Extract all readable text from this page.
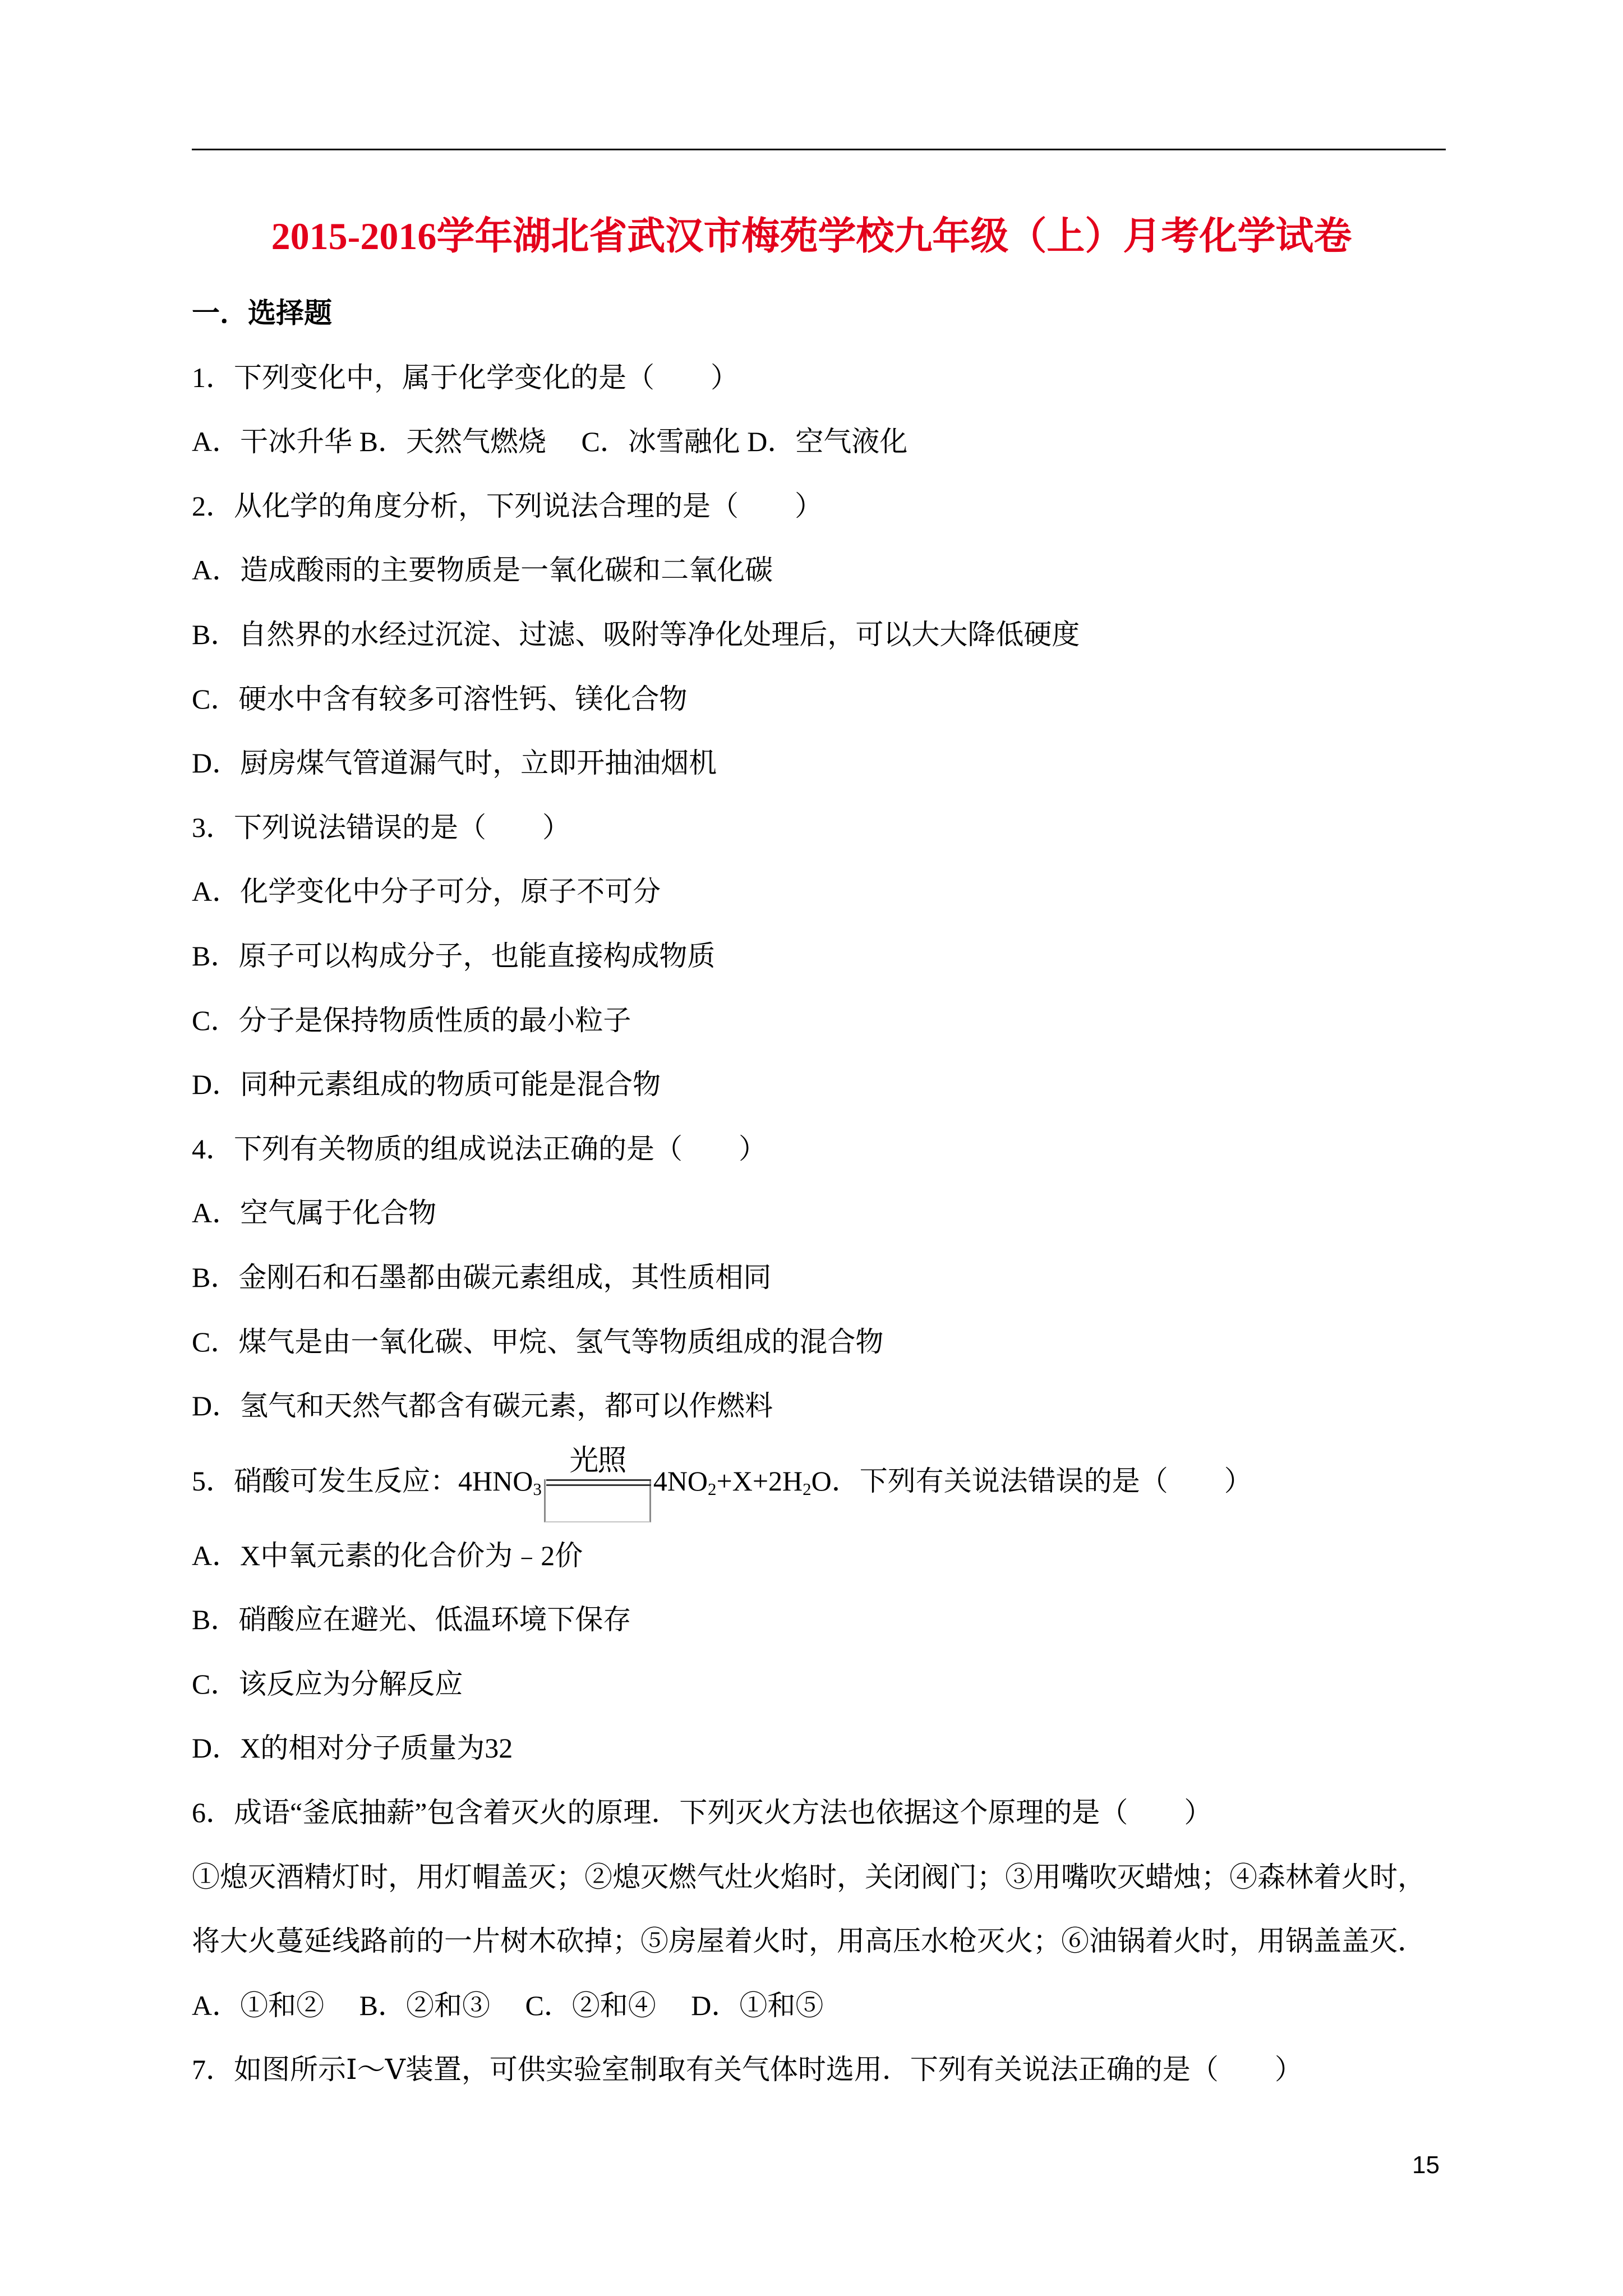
2015-2016学年湖北省武汉市梅苑学校九年级（上）月考化学试卷
一．选择题
1．下列变化中，属于化学变化的是（　　）
A．干冰升华 B．天然气燃烧　 C．冰雪融化 D．空气液化
2．从化学的角度分析，下列说法合理的是（　　）
A．造成酸雨的主要物质是一氧化碳和二氧化碳
B．自然界的水经过沉淀、过滤、吸附等净化处理后，可以大大降低硬度
C．硬水中含有较多可溶性钙、镁化合物
D．厨房煤气管道漏气时，立即开抽油烟机
3．下列说法错误的是（　　）
A．化学变化中分子可分，原子不可分
B．原子可以构成分子，也能直接构成物质
C．分子是保持物质性质的最小粒子
D．同种元素组成的物质可能是混合物
4．下列有关物质的组成说法正确的是（　　）
A．空气属于化合物
B．金刚石和石墨都由碳元素组成，其性质相同
C．煤气是由一氧化碳、甲烷、氢气等物质组成的混合物
D．氢气和天然气都含有碳元素，都可以作燃料
5．硝酸可发生反应：$4HNO_3$
光照
$4NO_2+X+2H_2O$．下列有关说法错误的是（　　）
A．X中氧元素的化合价为﹣2价
B．硝酸应在避光、低温环境下保存
C．该反应为分解反应
D．X的相对分子质量为32
6．成语“釜底抽薪”包含着灭火的原理．下列灭火方法也依据这个原理的是（　　）
①熄灭酒精灯时，用灯帽盖灭；②熄灭燃气灶火焰时，关闭阀门；③用嘴吹灭蜡烛；④森林着火时，
将大火蔓延线路前的一片树木砍掉；⑤房屋着火时，用高压水枪灭火；⑥油锅着火时，用锅盖盖灭．
A．①和②　 B．②和③　 C．②和④　 D．①和⑤
7．如图所示Ⅰ～Ⅴ装置，可供实验室制取有关气体时选用．下列有关说法正确的是（　　）
15
